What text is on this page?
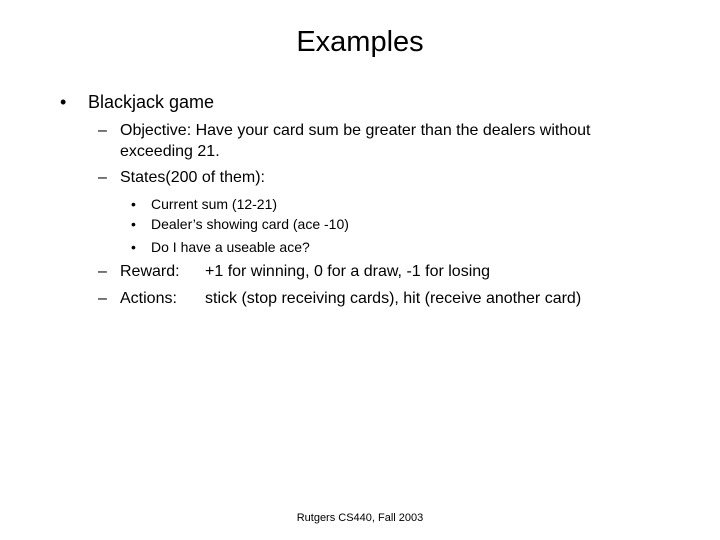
Examples
• Blackjack game
– Objective: Have your card sum be greater than the dealers without
exceeding 21.
– States(200 of them):
• Current sum (12-21)
• Dealer’s showing card (ace -10)
• Do I have a useable ace?
– Reward: +1 for winning, 0 for a draw, -1 for losing
– Actions: stick (stop receiving cards), hit (receive another card)
Rutgers CS440, Fall 2003
